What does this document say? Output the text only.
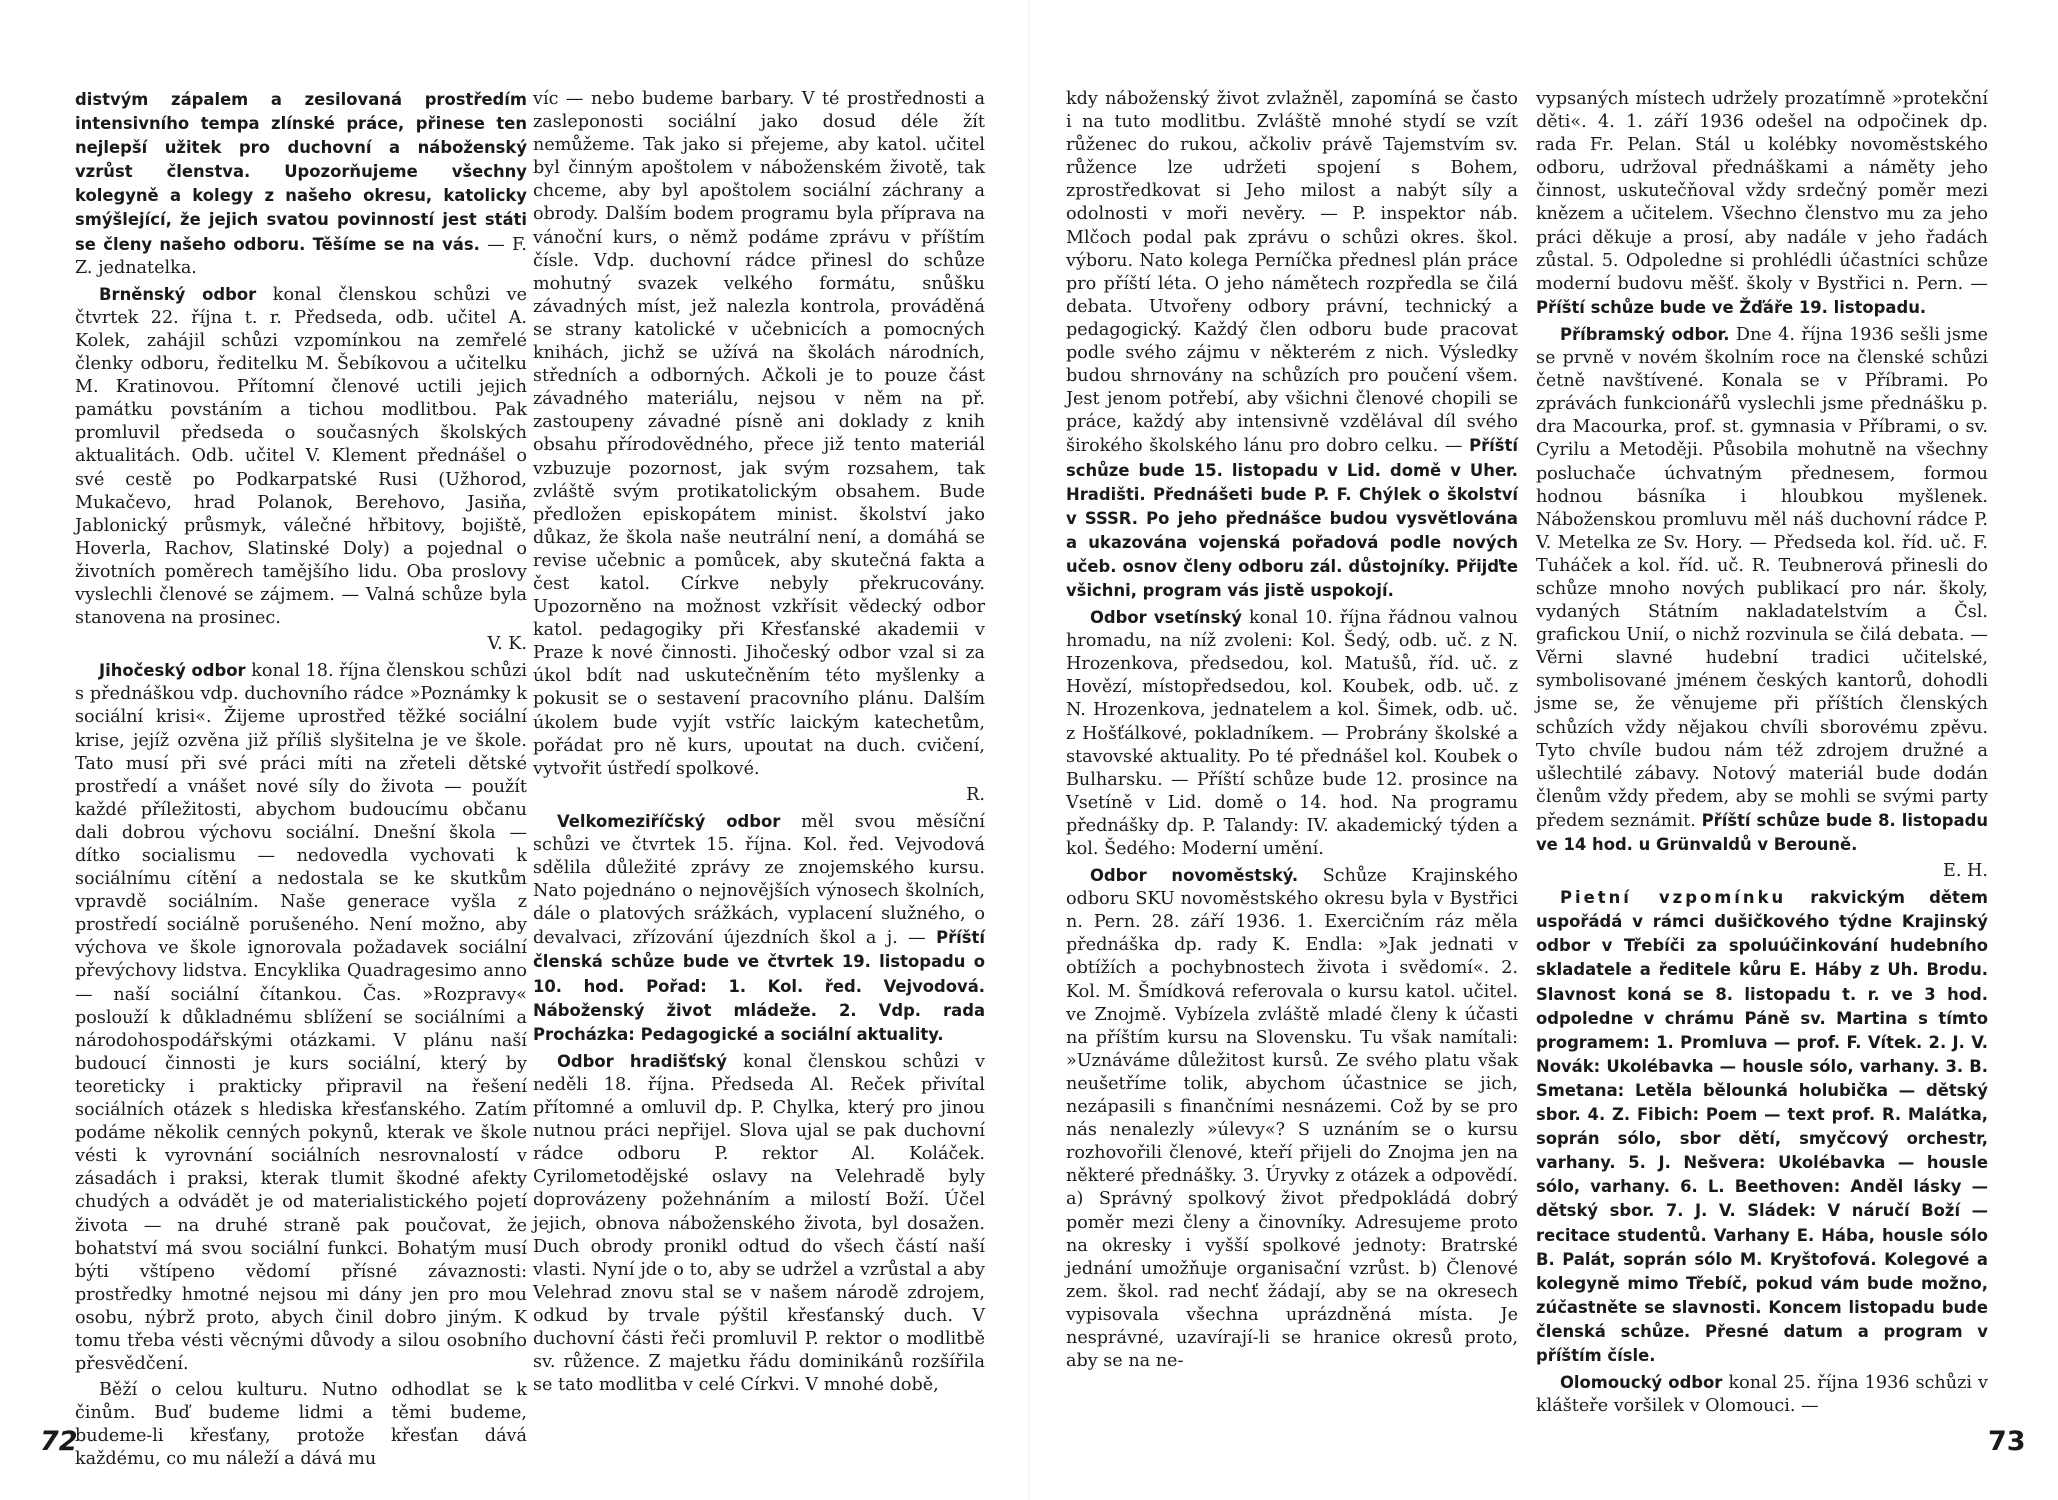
distvým zápalem a zesilovaná prostředím intensivního tempa zlínské práce, přinese ten nejlepší užitek pro duchovní a náboženský vzrůst členstva. Upozorňujeme všechny kolegyně a kolegy z našeho okresu, katolicky smýšlející, že jejich svatou povinností jest státi se členy našeho odboru. Těšíme se na vás. — F. Z. jednatelka.

Brněnský odbor konal členskou schůzi ve čtvrtek 22. října t. r. Předseda, odb. učitel A. Kolek, zahájil schůzi vzpomínkou na zemřelé členky odboru, ředitelku M. Šebíkovou a učitelku M. Kratinovou. Přítomní členové uctili jejich památku povstáním a tichou modlitbou. Pak promluvil předseda o současných školských aktualitách. Odb. učitel V. Klement přednášel o své cestě po Podkarpatské Rusi (Užhorod, Mukačevo, hrad Polanok, Berehovo, Jasiňa, Jablonický průsmyk, válečné hřbitovy, bojiště, Hoverla, Rachov, Slatinské Doly) a pojednal o životních poměrech tamějšího lidu. Oba proslovy vyslechli členové se zájmem. — Valná schůze byla stanovena na prosinec.

V. K.

Jihočeský odbor konal 18. října členskou schůzi s přednáškou vdp. duchovního rádce »Poznámky k sociální krisi«. Žijeme uprostřed těžké sociální krise, jejíž ozvěna již příliš slyšitelna je ve škole. Tato musí při své práci míti na zřeteli dětské prostředí a vnášet nové síly do života — použít každé příležitosti, abychom budoucímu občanu dali dobrou výchovu sociální. Dnešní škola — dítko socialismu — nedovedla vychovati k sociálnímu cítění a nedostala se ke skutkům vpravdě sociálním. Naše generace vyšla z prostředí sociálně porušeného. Není možno, aby výchova ve škole ignorovala požadavek sociální převýchovy lidstva. Encyklika Quadragesimo anno — naší sociální čítankou. Čas. »Rozpravy« poslouží k důkladnému sblížení se sociálními a národohospodářskými otázkami. V plánu naší budoucí činnosti je kurs sociální, který by teoreticky i prakticky připravil na řešení sociálních otázek s hlediska křesťanského. Zatím podáme několik cenných pokynů, kterak ve škole vésti k vyrovnání sociálních nesrovnalostí v zásadách i praksi, kterak tlumit škodné afekty chudých a odvádět je od materialistického pojetí života — na druhé straně pak poučovat, že bohatství má svou sociální funkci. Bohatým musí býti vštípeno vědomí přísné závaznosti: prostředky hmotné nejsou mi dány jen pro mou osobu, nýbrž proto, abych činil dobro jiným. K tomu třeba vésti věcnými důvody a silou osobního přesvědčení.

Běží o celou kulturu. Nutno odhodlat se k činům. Buď budeme lidmi a těmi budeme, budeme-li křesťany, protože křesťan dává každému, co mu náleží a dává mu

víc — nebo budeme barbary. V té prostřednosti a zasleponosti sociální jako dosud déle žít nemůžeme. Tak jako si přejeme, aby katol. učitel byl činným apoštolem v náboženském životě, tak chceme, aby byl apoštolem sociální záchrany a obrody. Dalším bodem programu byla příprava na vánoční kurs, o němž podáme zprávu v příštím čísle. Vdp. duchovní rádce přinesl do schůze mohutný svazek velkého formátu, snůšku závadných míst, jež nalezla kontrola, prováděná se strany katolické v učebnicích a pomocných knihách, jichž se užívá na školách národních, středních a odborných. Ačkoli je to pouze část závadného materiálu, nejsou v něm na př. zastoupeny závadné písně ani doklady z knih obsahu přírodovědného, přece již tento materiál vzbuzuje pozornost, jak svým rozsahem, tak zvláště svým protikatolickým obsahem. Bude předložen episkopátem minist. školství jako důkaz, že škola naše neutrální není, a domáhá se revise učebnic a pomůcek, aby skutečná fakta a čest katol. Církve nebyly překrucovány. Upozorněno na možnost vzkřísit vědecký odbor katol. pedagogiky při Křesťanské akademii v Praze k nové činnosti. Jihočeský odbor vzal si za úkol bdít nad uskutečněním této myšlenky a pokusit se o sestavení pracovního plánu. Dalším úkolem bude vyjít vstříc laickým katechetům, pořádat pro ně kurs, upoutat na duch. cvičení, vytvořit ústředí spolkové.

R.

Velkomeziříčský odbor měl svou měsíční schůzi ve čtvrtek 15. října. Kol. řed. Vejvodová sdělila důležité zprávy ze znojemského kursu. Nato pojednáno o nejnovějších výnosech školních, dále o platových srážkách, vyplacení služného, o devalvaci, zřízování újezdních škol a j. — Příští členská schůze bude ve čtvrtek 19. listopadu o 10. hod. Pořad: 1. Kol. řed. Vejvodová. Náboženský život mládeže. 2. Vdp. rada Procházka: Pedagogické a sociální aktuality.

Odbor hradišťský konal členskou schůzi v neděli 18. října. Předseda Al. Reček přivítal přítomné a omluvil dp. P. Chylka, který pro jinou nutnou práci nepřijel. Slova ujal se pak duchovní rádce odboru P. rektor Al. Koláček. Cyrilometodějské oslavy na Velehradě byly doprovázeny požehnáním a milostí Boží. Účel jejich, obnova náboženského života, byl dosažen. Duch obrody pronikl odtud do všech částí naší vlasti. Nyní jde o to, aby se udržel a vzrůstal a aby Velehrad znovu stal se v našem národě zdrojem, odkud by trvale pýštil křesťanský duch. V duchovní části řeči promluvil P. rektor o modlitbě sv. růžence. Z majetku řádu dominikánů rozšířila se tato modlitba v celé Církvi. V mnohé době,

kdy náboženský život zvlažněl, zapomíná se často i na tuto modlitbu. Zvláště mnohé stydí se vzít růženec do rukou, ačkoliv právě Tajemstvím sv. růžence lze udržeti spojení s Bohem, zprostředkovat si Jeho milost a nabýt síly a odolnosti v moři nevěry. — P. inspektor náb. Mlčoch podal pak zprávu o schůzi okres. škol. výboru. Nato kolega Perníčka přednesl plán práce pro příští léta. O jeho námětech rozpředla se čilá debata. Utvořeny odbory právní, technický a pedagogický. Každý člen odboru bude pracovat podle svého zájmu v některém z nich. Výsledky budou shrnovány na schůzích pro poučení všem. Jest jenom potřebí, aby všichni členové chopili se práce, každý aby intensivně vzdělával díl svého širokého školského lánu pro dobro celku. — Příští schůze bude 15. listopadu v Lid. domě v Uher. Hradišti. Přednášeti bude P. F. Chýlek o školství v SSSR. Po jeho přednášce budou vysvětlována a ukazována vojenská pořadová podle nových učeb. osnov členy odboru zál. důstojníky. Přijďte všichni, program vás jistě uspokojí.

Odbor vsetínský konal 10. října řádnou valnou hromadu, na níž zvoleni: Kol. Šedý, odb. uč. z N. Hrozenkova, předsedou, kol. Matušů, říd. uč. z Hovězí, místopředsedou, kol. Koubek, odb. uč. z N. Hrozenkova, jednatelem a kol. Šimek, odb. uč. z Hošťálkové, pokladníkem. — Probrány školské a stavovské aktuality. Po té přednášel kol. Koubek o Bulharsku. — Příští schůze bude 12. prosince na Vsetíně v Lid. domě o 14. hod. Na programu přednášky dp. P. Talandy: IV. akademický týden a kol. Šedého: Moderní umění.

Odbor novoměstský. Schůze Krajinského odboru SKU novoměstského okresu byla v Bystřici n. Pern. 28. září 1936. 1. Exercičním ráz měla přednáška dp. rady K. Endla: »Jak jednati v obtížích a pochybnostech života i svědomí«. 2. Kol. M. Šmídková referovala o kursu katol. učitel. ve Znojmě. Vybízela zvláště mladé členy k účasti na příštím kursu na Slovensku. Tu však namítali: »Uznáváme důležitost kursů. Ze svého platu však neušetříme tolik, abychom účastnice se jich, nezápasili s finančními nesnázemi. Což by se pro nás nenalezly »úlevy«? S uznáním se o kursu rozhovořili členové, kteří přijeli do Znojma jen na některé přednášky. 3. Úryvky z otázek a odpovědí. a) Správný spolkový život předpokládá dobrý poměr mezi členy a činovníky. Adresujeme proto na okresky i vyšší spolkové jednoty: Bratrské jednání umožňuje organisační vzrůst. b) Členové zem. škol. rad nechť žádají, aby se na okresech vypisovala všechna uprázdněná místa. Je nesprávné, uzavírají-li se hranice okresů proto, aby se na ne-

vypsaných místech udržely prozatímně »protekční děti«. 4. 1. září 1936 odešel na odpočinek dp. rada Fr. Pelan. Stál u kolébky novoměstského odboru, udržoval přednáškami a náměty jeho činnost, uskutečňoval vždy srdečný poměr mezi knězem a učitelem. Všechno členstvo mu za jeho práci děkuje a prosí, aby nadále v jeho řadách zůstal. 5. Odpoledne si prohlédli účastníci schůze moderní budovu měšť. školy v Bystřici n. Pern. — Příští schůze bude ve Žďáře 19. listopadu.

Příbramský odbor. Dne 4. října 1936 sešli jsme se prvně v novém školním roce na členské schůzi četně navštívené. Konala se v Příbrami. Po zprávách funkcionářů vyslechli jsme přednášku p. dra Macourka, prof. st. gymnasia v Příbrami, o sv. Cyrilu a Metoději. Působila mohutně na všechny posluchače úchvatným přednesem, formou hodnou básníka i hloubkou myšlenek. Náboženskou promluvu měl náš duchovní rádce P. V. Metelka ze Sv. Hory. — Předseda kol. říd. uč. F. Tuháček a kol. říd. uč. R. Teubnerová přinesli do schůze mnoho nových publikací pro nár. školy, vydaných Státním nakladatelstvím a Čsl. grafickou Unií, o nichž rozvinula se čilá debata. — Věrni slavné hudební tradici učitelské, symbolisované jménem českých kantorů, dohodli jsme se, že věnujeme při příštích členských schůzích vždy nějakou chvíli sborovému zpěvu. Tyto chvíle budou nám též zdrojem družné a ušlechtilé zábavy. Notový materiál bude dodán členům vždy předem, aby se mohli se svými party předem seznámit. Příští schůze bude 8. listopadu ve 14 hod. u Grünvaldů v Berouně.

E. H.

Pietní vzpomínku rakvickým dětem uspořádá v rámci dušičkového týdne Krajinský odbor v Třebíči za spoluúčinkování hudebního skladatele a ředitele kůru E. Háby z Uh. Brodu. Slavnost koná se 8. listopadu t. r. ve 3 hod. odpoledne v chrámu Páně sv. Martina s tímto programem: 1. Promluva — prof. F. Vítek. 2. J. V. Novák: Ukolébavka — housle sólo, varhany. 3. B. Smetana: Letěla bělounká holubička — dětský sbor. 4. Z. Fibich: Poem — text prof. R. Malátka, soprán sólo, sbor dětí, smyčcový orchestr, varhany. 5. J. Nešvera: Ukolébavka — housle sólo, varhany. 6. L. Beethoven: Anděl lásky — dětský sbor. 7. J. V. Sládek: V náručí Boží — recitace studentů. Varhany E. Hába, housle sólo B. Palát, soprán sólo M. Kryštofová. Kolegové a kolegyně mimo Třebíč, pokud vám bude možno, zúčastněte se slavnosti. Koncem listopadu bude členská schůze. Přesné datum a program v příštím čísle.

Olomoucký odbor konal 25. října 1936 schůzi v klášteře voršilek v Olomouci. —

72	73
